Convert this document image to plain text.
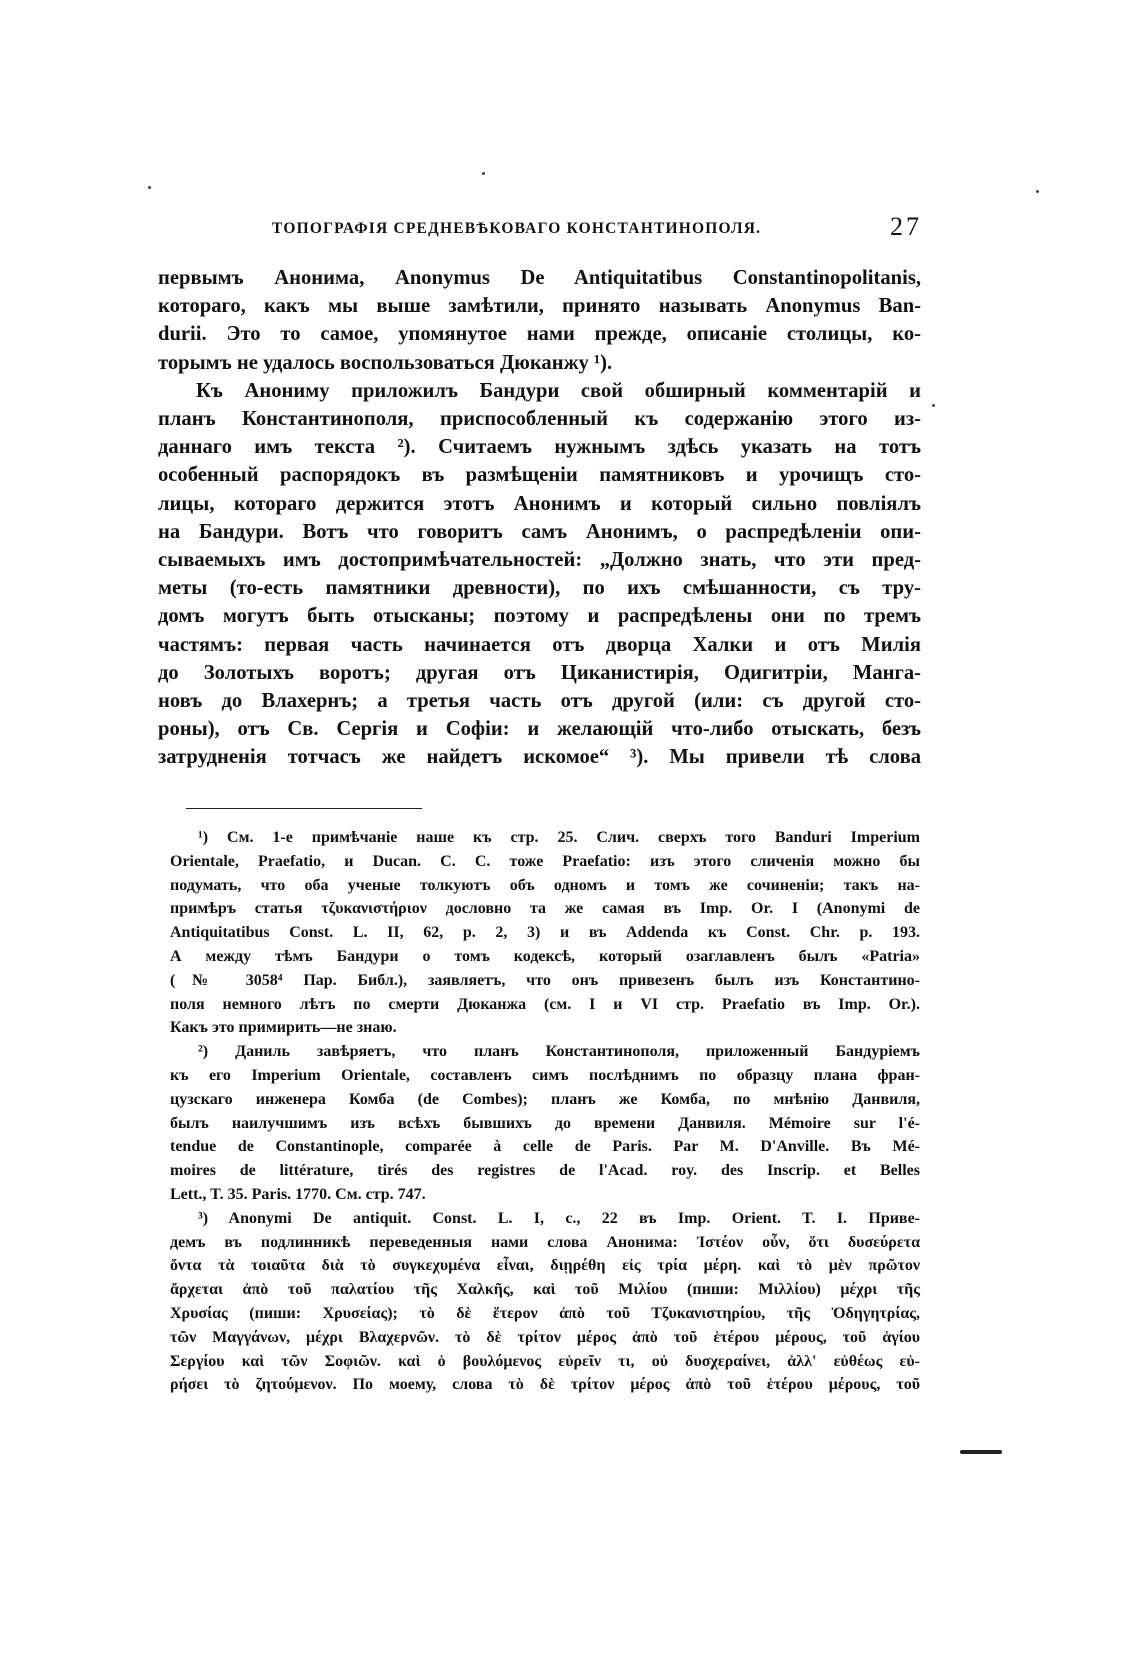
ТОПОГРАФІЯ СРЕДНЕВѢКОВАГО КОНСТАНТИНОПОЛЯ.	27

первымъ Анонима, Anonymus De Antiquitatibus Constantinopolitanis,
котораго, какъ мы выше замѣтили, принято называть Anonymus Ban-
durii. Это то самое, упомянутое нами прежде, описаніе столицы, ко-
торымъ не удалось воспользоваться Дюканжу ¹).

Къ Анониму приложилъ Бандури свой обширный комментарій и
планъ Константинополя, приспособленный къ содержанію этого из-
даннаго имъ текста ²). Считаемъ нужнымъ здѣсь указать на тотъ
особенный распорядокъ въ размѣщеніи памятниковъ и урочищъ сто-
лицы, котораго держится этотъ Анонимъ и который сильно повліялъ
на Бандури. Вотъ что говоритъ самъ Анонимъ, о распредѣленіи опи-
сываемыхъ имъ достопримѣчательностей: „Должно знать, что эти пред-
меты (то-есть памятники древности), по ихъ смѣшанности, съ тру-
домъ могутъ быть отысканы; поэтому и распредѣлены они по тремъ
частямъ: первая часть начинается отъ дворца Халки и отъ Милія
до Золотыхъ воротъ; другая отъ Циканистирія, Одигитріи, Манга-
новъ до Влахернъ; а третья часть отъ другой (или: съ другой сто-
роны), отъ Св. Сергія и Софіи: и желающій что-либо отыскать, безъ
затрудненія тотчасъ же найдетъ искомое“ ³). Мы привели тѣ слова

¹) См. 1-е примѣчаніе наше къ стр. 25. Слич. сверхъ того Banduri Imperium
Orientale, Praefatio, и Ducan. C. C. тоже Praefatio: изъ этого сличенія можно бы
подумать, что оба ученые толкуютъ объ одномъ и томъ же сочиненіи; такъ на-
примѣръ статья τζυκανιστήριον дословно та же самая въ Imp. Or. I (Anonymi de
Antiquitatibus Const. L. II, 62, p. 2, 3) и въ Addenda къ Const. Chr. p. 193.
А между тѣмъ Бандури о томъ кодексѣ, который озаглавленъ былъ «Patria»
(№ 3058⁴ Пар. Библ.), заявляетъ, что онъ привезенъ былъ изъ Константино-
поля немного лѣтъ по смерти Дюканжа (см. I и VI стр. Praefatio въ Imp. Or.).
Какъ это примирить—не знаю.

²) Даниль завѣряетъ, что планъ Константинополя, приложенный Бандуріемъ
къ его Imperium Orientale, составленъ симъ послѣднимъ по образцу плана фран-
цузскаго инженера Комба (de Combes); планъ же Комба, по мнѣнію Данвиля,
былъ наилучшимъ изъ всѣхъ бывшихъ до времени Данвиля. Mémoire sur l'é-
tendue de Constantinople, comparée à celle de Paris. Par M. D'Anville. Въ Mé-
moires de littérature, tirés des registres de l'Acad. roy. des Inscrip. et Belles
Lett., T. 35. Paris. 1770. См. стр. 747.

³) Anonymi De antiquit. Const. L. I, c., 22 въ Imp. Orient. T. I. Приве-
демъ въ подлинникѣ переведенныя нами слова Анонима: Ἰστέον οὖν, ὅτι δυσεύρετα
ὄντα τὰ τοιαῦτα διὰ τὸ συγκεχυμένα εἶναι, διῃρέθη εἰς τρία μέρη. καὶ τὸ μὲν πρῶτον
ἄρχεται ἀπὸ τοῦ παλατίου τῆς Χαλκῆς, καὶ τοῦ Μιλίου (пиши: Μιλλίου) μέχρι τῆς
Χρυσίας (пиши: Χρυσείας); τὸ δὲ ἕτερον ἀπὸ τοῦ Τζυκανιστηρίου, τῆς Ὁδηγητρίας,
τῶν Μαγγάνων, μέχρι Βλαχερνῶν. τὸ δὲ τρίτον μέρος ἀπὸ τοῦ ἑτέρου μέρους, τοῦ ἁγίου
Σεργίου καὶ τῶν Σοφιῶν. καὶ ὁ βουλόμενος εὑρεῖν τι, οὐ δυσχεραίνει, ἀλλ' εὐθέως εὑ-
ρήσει τὸ ζητούμενον. По моему, слова τὸ δὲ τρίτον μέρος ἀπὸ τοῦ ἑτέρου μέρους, τοῦ
